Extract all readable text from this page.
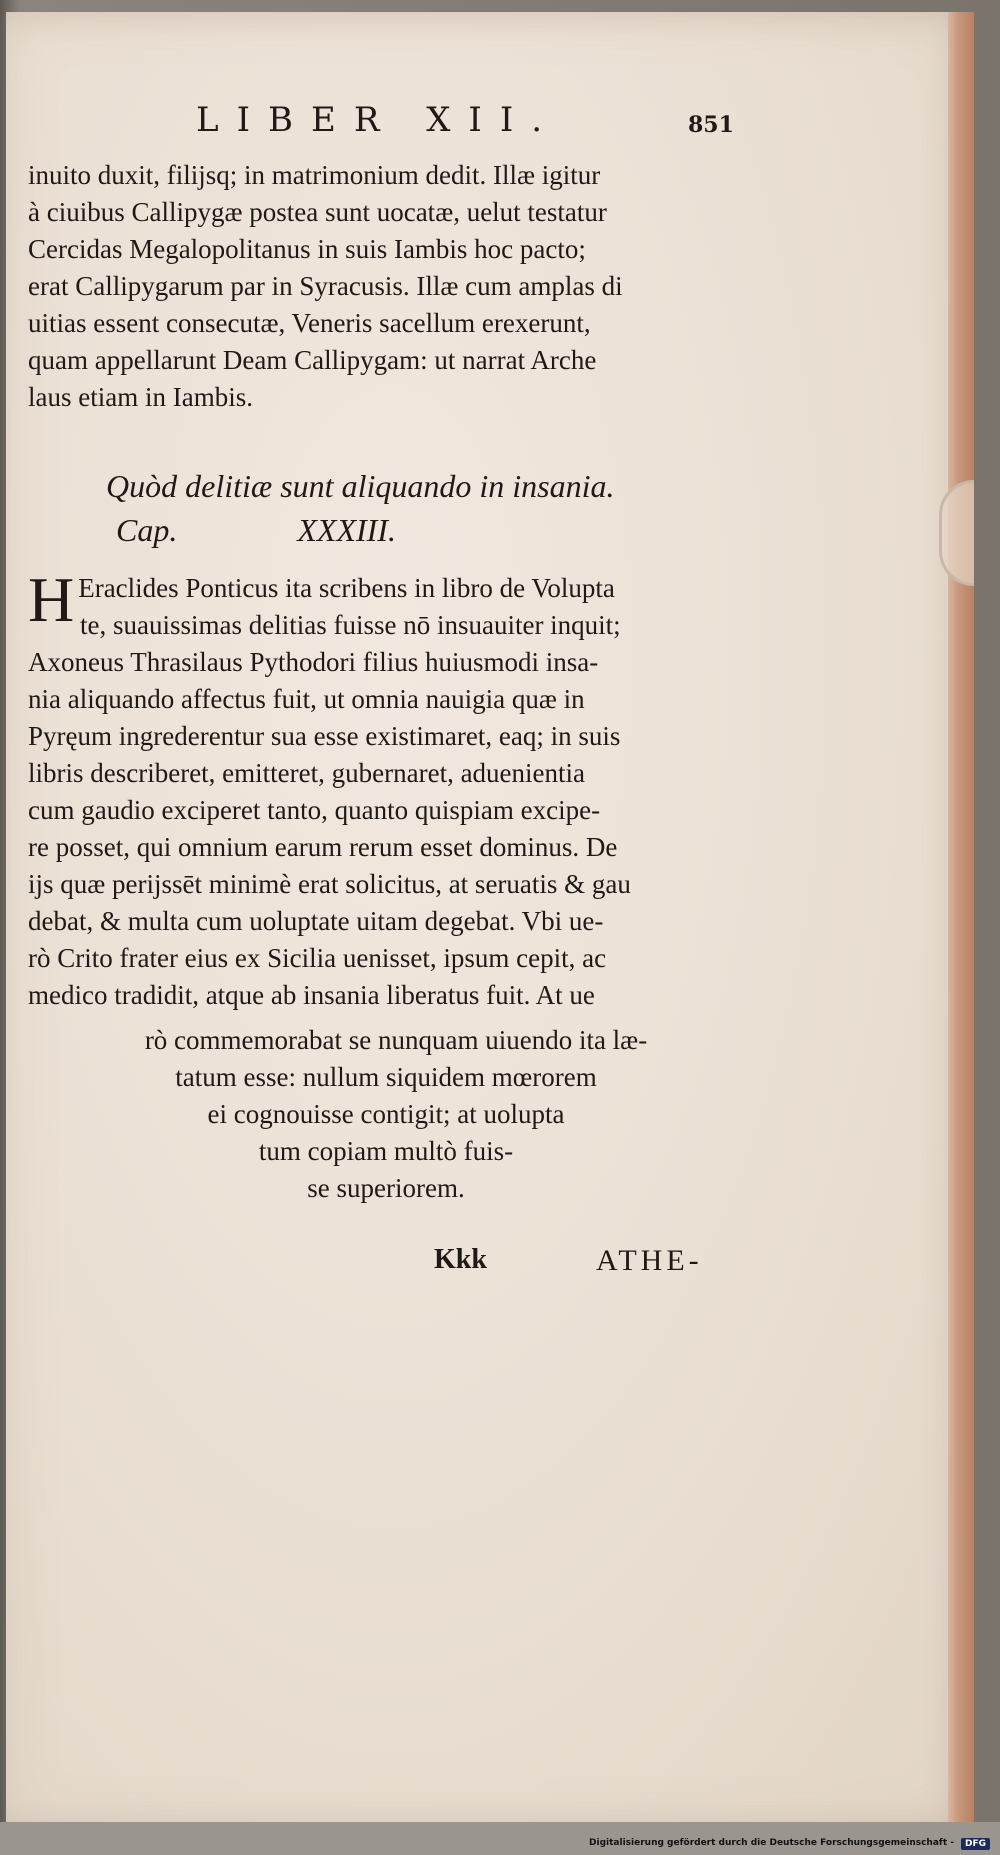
LIBER XII.	851
inuito duxit, filijsq; in matrimonium dedit. Illæ igitur
à ciuibus Callipygæ postea sunt uocatæ, uelut testatur
Cercidas Megalopolitanus in suis Iambis hoc pacto;
erat Callipygarum par in Syracusis. Illæ cum amplas di
uitias essent consecutæ, Veneris sacellum erexerunt,
quam appellarunt Deam Callipygam: ut narrat Arche
laus etiam in Iambis.
Quòd delitiæ sunt aliquando in insania.
Cap.	XXXIII.
H Eraclides Ponticus ita scribens in libro de Volupta
te, suauissimas delitias fuisse nō insuauiter inquit;
Axoneus Thrasilaus Pythodori filius huiusmodi insa-
nia aliquando affectus fuit, ut omnia nauigia quæ in
Pyręum ingrederentur sua esse existimaret, eaq; in suis
libris describeret, emitteret, gubernaret, aduenientia
cum gaudio exciperet tanto, quanto quispiam excipe-
re posset, qui omnium earum rerum esset dominus. De
ijs quæ perijssēt minimè erat solicitus, at seruatis & gau
debat, & multa cum uoluptate uitam degebat. Vbi ue-
rò Crito frater eius ex Sicilia uenisset, ipsum cepit, ac
medico tradidit, atque ab insania liberatus fuit. At ue
rò commemorabat se nunquam uiuendo ita læ-
tatum esse: nullum siquidem mœrorem
ei cognouisse contigit; at uolupta
tum copiam multò fuis-
se superiorem.
Kkk	ATHE-
Digitalisierung gefördert durch die Deutsche Forschungsgemeinschaft -	DFG
